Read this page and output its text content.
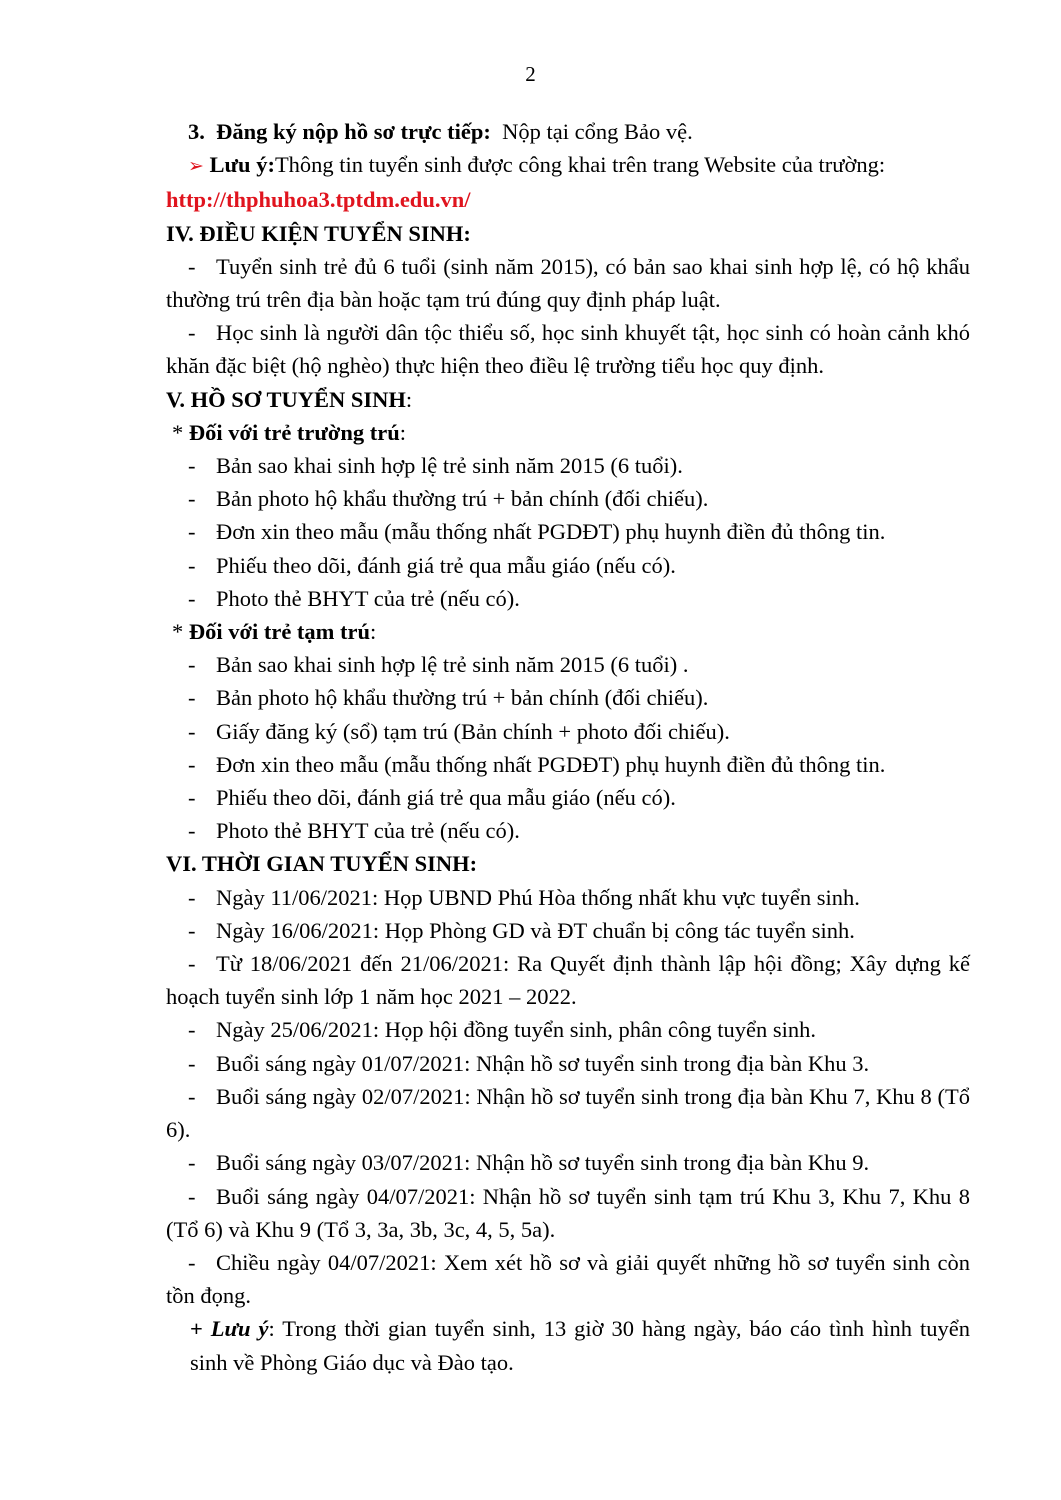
2
3. Đăng ký nộp hồ sơ trực tiếp: Nộp tại cổng Bảo vệ.
➢ Lưu ý:Thông tin tuyển sinh được công khai trên trang Website của trường:
http://thphuhoa3.tptdm.edu.vn/
IV. ĐIỀU KIỆN TUYỂN SINH:
- Tuyển sinh trẻ đủ 6 tuổi (sinh năm 2015), có bản sao khai sinh hợp lệ, có hộ khẩu thường trú trên địa bàn hoặc tạm trú đúng quy định pháp luật.
- Học sinh là người dân tộc thiểu số, học sinh khuyết tật, học sinh có hoàn cảnh khó khăn đặc biệt (hộ nghèo) thực hiện theo điều lệ trường tiểu học quy định.
V. HỒ SƠ TUYỂN SINH:
* Đối với trẻ trường trú:
- Bản sao khai sinh hợp lệ trẻ sinh năm 2015 (6 tuổi).
- Bản photo hộ khẩu thường trú + bản chính (đối chiếu).
- Đơn xin theo mẫu (mẫu thống nhất PGDĐT) phụ huynh điền đủ thông tin.
- Phiếu theo dõi, đánh giá trẻ qua mẫu giáo (nếu có).
- Photo thẻ BHYT của trẻ (nếu có).
* Đối với trẻ tạm trú:
- Bản sao khai sinh hợp lệ trẻ sinh năm 2015 (6 tuổi) .
- Bản photo hộ khẩu thường trú + bản chính (đối chiếu).
- Giấy đăng ký (sổ) tạm trú (Bản chính + photo đối chiếu).
- Đơn xin theo mẫu (mẫu thống nhất PGDĐT) phụ huynh điền đủ thông tin.
- Phiếu theo dõi, đánh giá trẻ qua mẫu giáo (nếu có).
- Photo thẻ BHYT của trẻ (nếu có).
VI. THỜI GIAN TUYỂN SINH:
- Ngày 11/06/2021: Họp UBND Phú Hòa thống nhất khu vực tuyển sinh.
- Ngày 16/06/2021: Họp Phòng GD và ĐT chuẩn bị công tác tuyển sinh.
- Từ 18/06/2021 đến 21/06/2021: Ra Quyết định thành lập hội đồng; Xây dựng kế hoạch tuyển sinh lớp 1 năm học 2021 – 2022.
- Ngày 25/06/2021: Họp hội đồng tuyển sinh, phân công tuyển sinh.
- Buổi sáng ngày 01/07/2021: Nhận hồ sơ tuyển sinh trong địa bàn Khu 3.
- Buổi sáng ngày 02/07/2021: Nhận hồ sơ tuyển sinh trong địa bàn Khu 7, Khu 8 (Tổ 6).
- Buổi sáng ngày 03/07/2021: Nhận hồ sơ tuyển sinh trong địa bàn Khu 9.
- Buổi sáng ngày 04/07/2021: Nhận hồ sơ tuyển sinh tạm trú Khu 3, Khu 7, Khu 8 (Tổ 6) và Khu 9 (Tổ 3, 3a, 3b, 3c, 4, 5, 5a).
- Chiều ngày 04/07/2021: Xem xét hồ sơ và giải quyết những hồ sơ tuyển sinh còn tồn đọng.
+ Lưu ý: Trong thời gian tuyển sinh, 13 giờ 30 hàng ngày, báo cáo tình hình tuyển sinh về Phòng Giáo dục và Đào tạo.
